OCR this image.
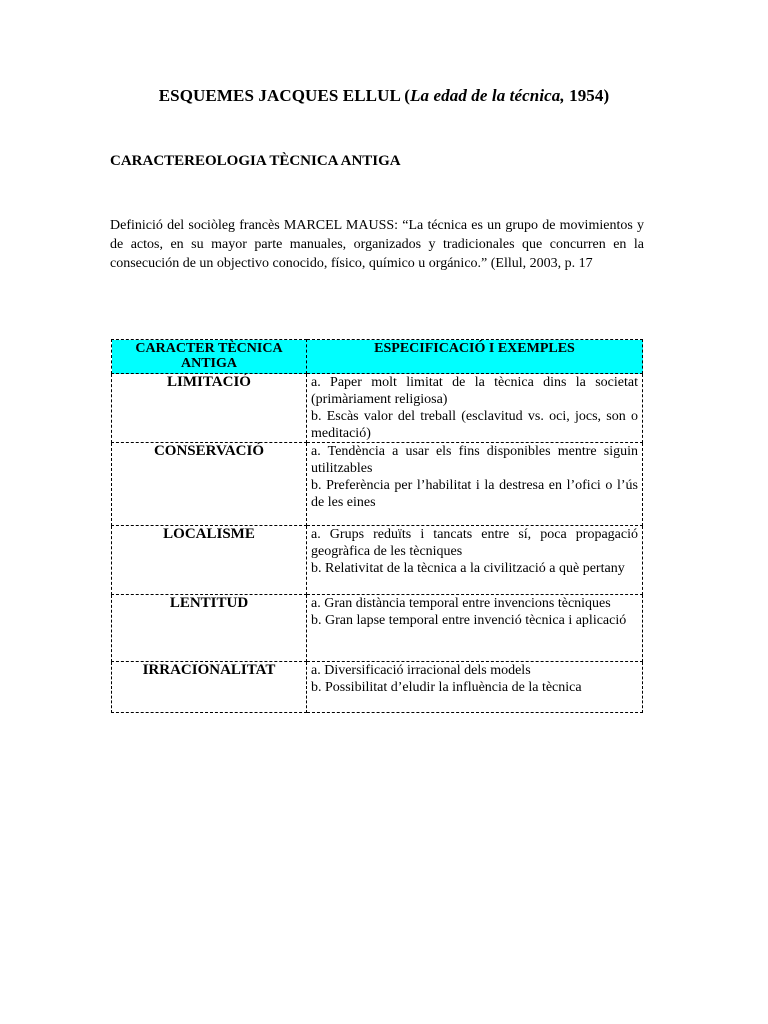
ESQUEMES JACQUES ELLUL (La edad de la técnica, 1954)
CARACTEREOLOGIA TÈCNICA ANTIGA
Definició del sociòleg francès MARCEL MAUSS: “La técnica es un grupo de movimientos y de actos, en su mayor parte manuales, organizados y tradicionales que concurren en la consecución de un objectivo conocido, físico, químico u orgánico.” (Ellul, 2003, p. 17
CARACTER TÈCNICA ANTIGA	ESPECIFICACIÓ I EXEMPLES
LIMITACIÓ	a. Paper molt limitat de la tècnica dins la societat (primàriament religiosa)

b. Escàs valor del treball (esclavitud vs. oci, jocs, son o meditació)

CONSERVACIÓ	a. Tendència a usar els fins disponibles mentre siguin utilitzables

b. Preferència per l’habilitat i la destresa en l’ofici o l’ús de les eines

LOCALISME	a. Grups reduïts i tancats entre sí, poca propagació geogràfica de les tècniques

b. Relativitat de la tècnica a la civilització a què pertany

LENTITUD	a. Gran distància temporal entre invencions tècniques

b. Gran lapse temporal entre invenció tècnica i aplicació

IRRACIONALITAT	a. Diversificació irracional dels models

b. Possibilitat d’eludir la influència de la tècnica
